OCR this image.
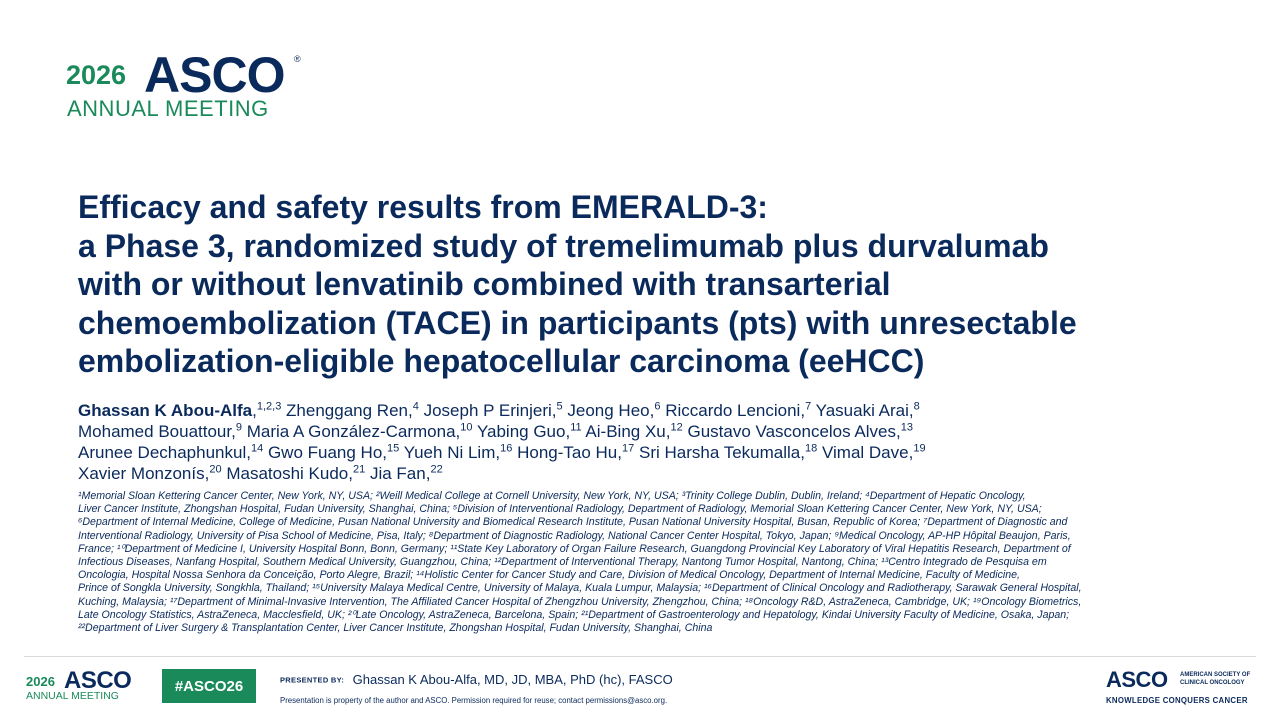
2026 ASCO ®
ANNUAL MEETING
Efficacy and safety results from EMERALD-3:
a Phase 3, randomized study of tremelimumab plus durvalumab
with or without lenvatinib combined with transarterial
chemoembolization (TACE) in participants (pts) with unresectable
embolization-eligible hepatocellular carcinoma (eeHCC)
Ghassan K Abou-Alfa,$^{1,2,3}$ Zhenggang Ren,$^4$ Joseph P Erinjeri,$^5$ Jeong Heo,$^6$ Riccardo Lencioni,$^7$ Yasuaki Arai,$^8$
Mohamed Bouattour,$^9$ Maria A González-Carmona,$^{10}$ Yabing Guo,$^{11}$ Ai-Bing Xu,$^{12}$ Gustavo Vasconcelos Alves,$^{13}$
Arunee Dechaphunkul,$^{14}$ Gwo Fuang Ho,$^{15}$ Yueh Ni Lim,$^{16}$ Hong-Tao Hu,$^{17}$ Sri Harsha Tekumalla,$^{18}$ Vimal Dave,$^{19}$
Xavier Monzonís,$^{20}$ Masatoshi Kudo,$^{21}$ Jia Fan,$^{22}$
¹Memorial Sloan Kettering Cancer Center, New York, NY, USA; ²Weill Medical College at Cornell University, New York, NY, USA; ³Trinity College Dublin, Dublin, Ireland; ⁴Department of Hepatic Oncology,
Liver Cancer Institute, Zhongshan Hospital, Fudan University, Shanghai, China; ⁵Division of Interventional Radiology, Department of Radiology, Memorial Sloan Kettering Cancer Center, New York, NY, USA;
⁶Department of Internal Medicine, College of Medicine, Pusan National University and Biomedical Research Institute, Pusan National University Hospital, Busan, Republic of Korea; ⁷Department of Diagnostic and
Interventional Radiology, University of Pisa School of Medicine, Pisa, Italy; ⁸Department of Diagnostic Radiology, National Cancer Center Hospital, Tokyo, Japan; ⁹Medical Oncology, AP-HP Hôpital Beaujon, Paris,
France; ¹⁰Department of Medicine I, University Hospital Bonn, Bonn, Germany; ¹¹State Key Laboratory of Organ Failure Research, Guangdong Provincial Key Laboratory of Viral Hepatitis Research, Department of
Infectious Diseases, Nanfang Hospital, Southern Medical University, Guangzhou, China; ¹²Department of Interventional Therapy, Nantong Tumor Hospital, Nantong, China; ¹³Centro Integrado de Pesquisa em
Oncologia, Hospital Nossa Senhora da Conceição, Porto Alegre, Brazil; ¹⁴Holistic Center for Cancer Study and Care, Division of Medical Oncology, Department of Internal Medicine, Faculty of Medicine,
Prince of Songkla University, Songkhla, Thailand; ¹⁵University Malaya Medical Centre, University of Malaya, Kuala Lumpur, Malaysia; ¹⁶Department of Clinical Oncology and Radiotherapy, Sarawak General Hospital,
Kuching, Malaysia; ¹⁷Department of Minimal-Invasive Intervention, The Affiliated Cancer Hospital of Zhengzhou University, Zhengzhou, China; ¹⁸Oncology R&D, AstraZeneca, Cambridge, UK; ¹⁹Oncology Biometrics,
Late Oncology Statistics, AstraZeneca, Macclesfield, UK; ²⁰Late Oncology, AstraZeneca, Barcelona, Spain; ²¹Department of Gastroenterology and Hepatology, Kindai University Faculty of Medicine, Osaka, Japan;
²²Department of Liver Surgery & Transplantation Center, Liver Cancer Institute, Zhongshan Hospital, Fudan University, Shanghai, China
2026 ASCO
ANNUAL MEETING
#ASCO26	PRESENTED BY: Ghassan K Abou-Alfa, MD, JD, MBA, PhD (hc), FASCO
Presentation is property of the author and ASCO. Permission required for reuse; contact permissions@asco.org.
ASCO AMERICAN SOCIETY OF CLINICAL ONCOLOGY
KNOWLEDGE CONQUERS CANCER
